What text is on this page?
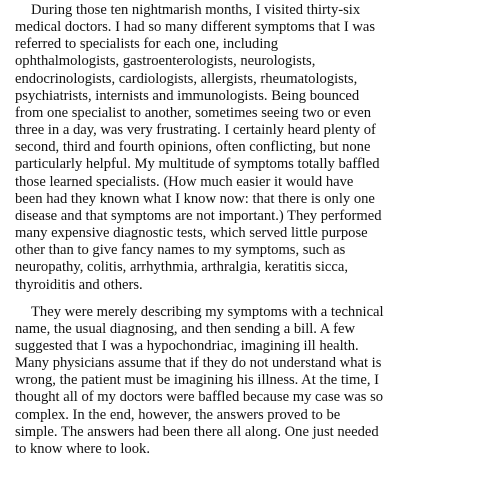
During those ten nightmarish months, I visited thirty-six
medical doctors. I had so many different symptoms that I was
referred to specialists for each one, including
ophthalmologists, gastroenterologists, neurologists,
endocrinologists, cardiologists, allergists, rheumatologists,
psychiatrists, internists and immunologists. Being bounced
from one specialist to another, sometimes seeing two or even
three in a day, was very frustrating. I certainly heard plenty of
second, third and fourth opinions, often conflicting, but none
particularly helpful. My multitude of symptoms totally baffled
those learned specialists. (How much easier it would have
been had they known what I know now: that there is only one
disease and that symptoms are not important.) They performed
many expensive diagnostic tests, which served little purpose
other than to give fancy names to my symptoms, such as
neuropathy, colitis, arrhythmia, arthralgia, keratitis sicca,
thyroiditis and others.

They were merely describing my symptoms with a technical
name, the usual diagnosing, and then sending a bill. A few
suggested that I was a hypochondriac, imagining ill health.
Many physicians assume that if they do not understand what is
wrong, the patient must be imagining his illness. At the time, I
thought all of my doctors were baffled because my case was so
complex. In the end, however, the answers proved to be
simple. The answers had been there all along. One just needed
to know where to look.
